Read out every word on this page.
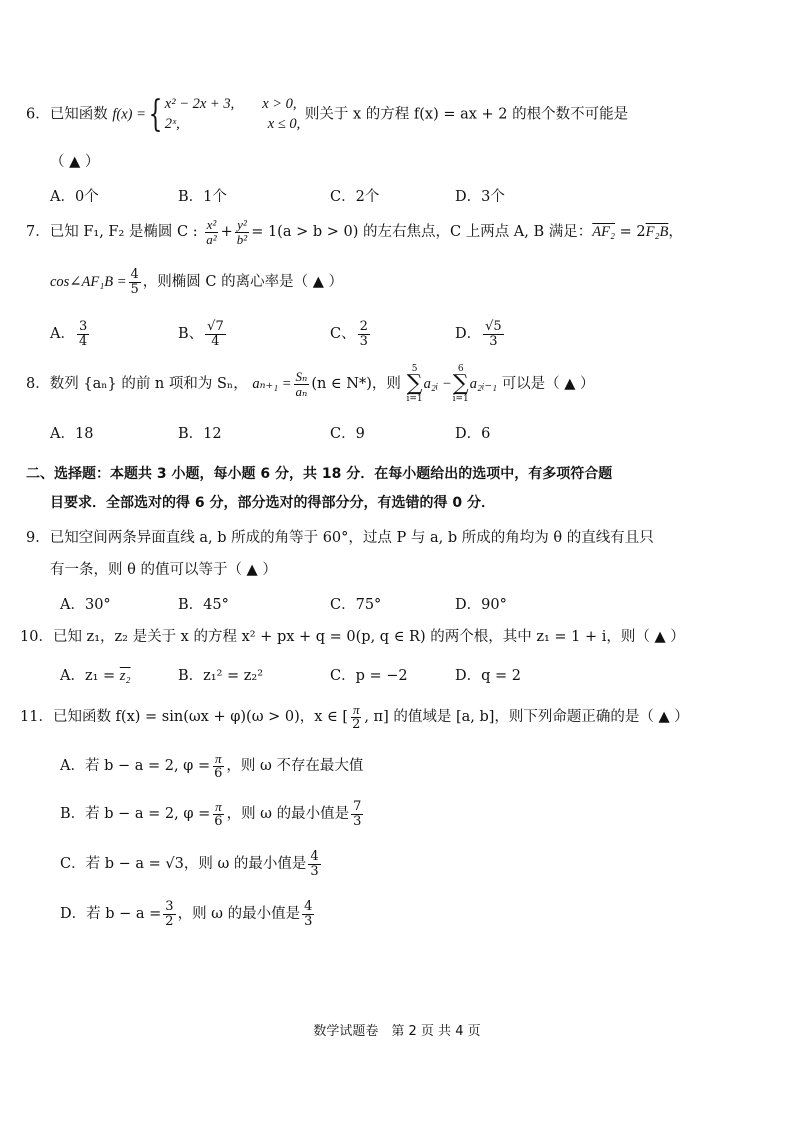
6．已知函数 f(x) ={ x² − 2x + 3, x > 0,
2ˣ,	x ≤ 0,
则关于 x 的方程 f(x) = ax + 2 的根个数不可能是
（ ▲ ）
A．0个	B．1个	C．2个	D．3个
7．已知 F₁, F₂ 是椭圆 C : $\frac{\text{x²}}{\text{a²}} + \frac{\text{y²}}{\text{b²}} = 1(a > b > 0)$ 的左右焦点，C 上两点 A, B 满足：AF₂ = 2F₂B，
cos∠AF₁B = $\frac{4}{5}$ ，则椭圆 C 的离心率是（ ▲ ）
A． $\frac{3}{4}$	B、 $\frac{√7}{4}$	C、 $\frac{2}{3}$	D． $\frac{√5}{3}$
8．数列 {aₙ} 的前 n 项和为 Sₙ， $a_{n+1} = \frac{\text{Sₙ}}{\text{aₙ}} (n$ ∈ N*)，则
5
∑
i=1
a₂ᵢ −
6
∑
i=1
a₂ᵢ₋₁ 可以是（ ▲ ）
A．18	B．12	C．9	D．6
二、选择题：本题共 3 小题，每小题 6 分，共 18 分．在每小题给出的选项中，有多项符合题
目要求．全部选对的得 6 分，部分选对的得部分分，有选错的得 0 分．
9．已知空间两条异面直线 a, b 所成的角等于 60°，过点 P 与 a, b 所成的角均为 θ 的直线有且只
有一条，则 θ 的值可以等于（ ▲ ）
A．30°	B．45°	C．75°	D．90°
10．已知 z₁，z₂ 是关于 x 的方程 x² + px + q = 0(p, q ∈ R) 的两个根，其中 z₁ = 1 + i，则（ ▲ ）
A．z₁ = z₂	B．z₁² = z₂²	C．p = −2	D．q = 2
11．已知函数 f(x) = sin(ωx + φ)(ω > 0)，x ∈ [ $\frac{\pi}{2}$ , π] 的值域是 [a, b]，则下列命题正确的是（ ▲ ）
A．若 b − a = 2, $\varphi = \frac{\pi}{6}$ ，则 ω 不存在最大值
B．若 b − a = 2, $\varphi = \frac{\pi}{6}$ ，则 ω 的最小值是 $\frac{7}{3}$
C．若 b − a = √3，则 ω 的最小值是 $\frac{4}{3}$
D．若 $b - a = \frac{3}{2}$ ，则 ω 的最小值是 $\frac{4}{3}$
数学试题卷　第 2 页 共 4 页
